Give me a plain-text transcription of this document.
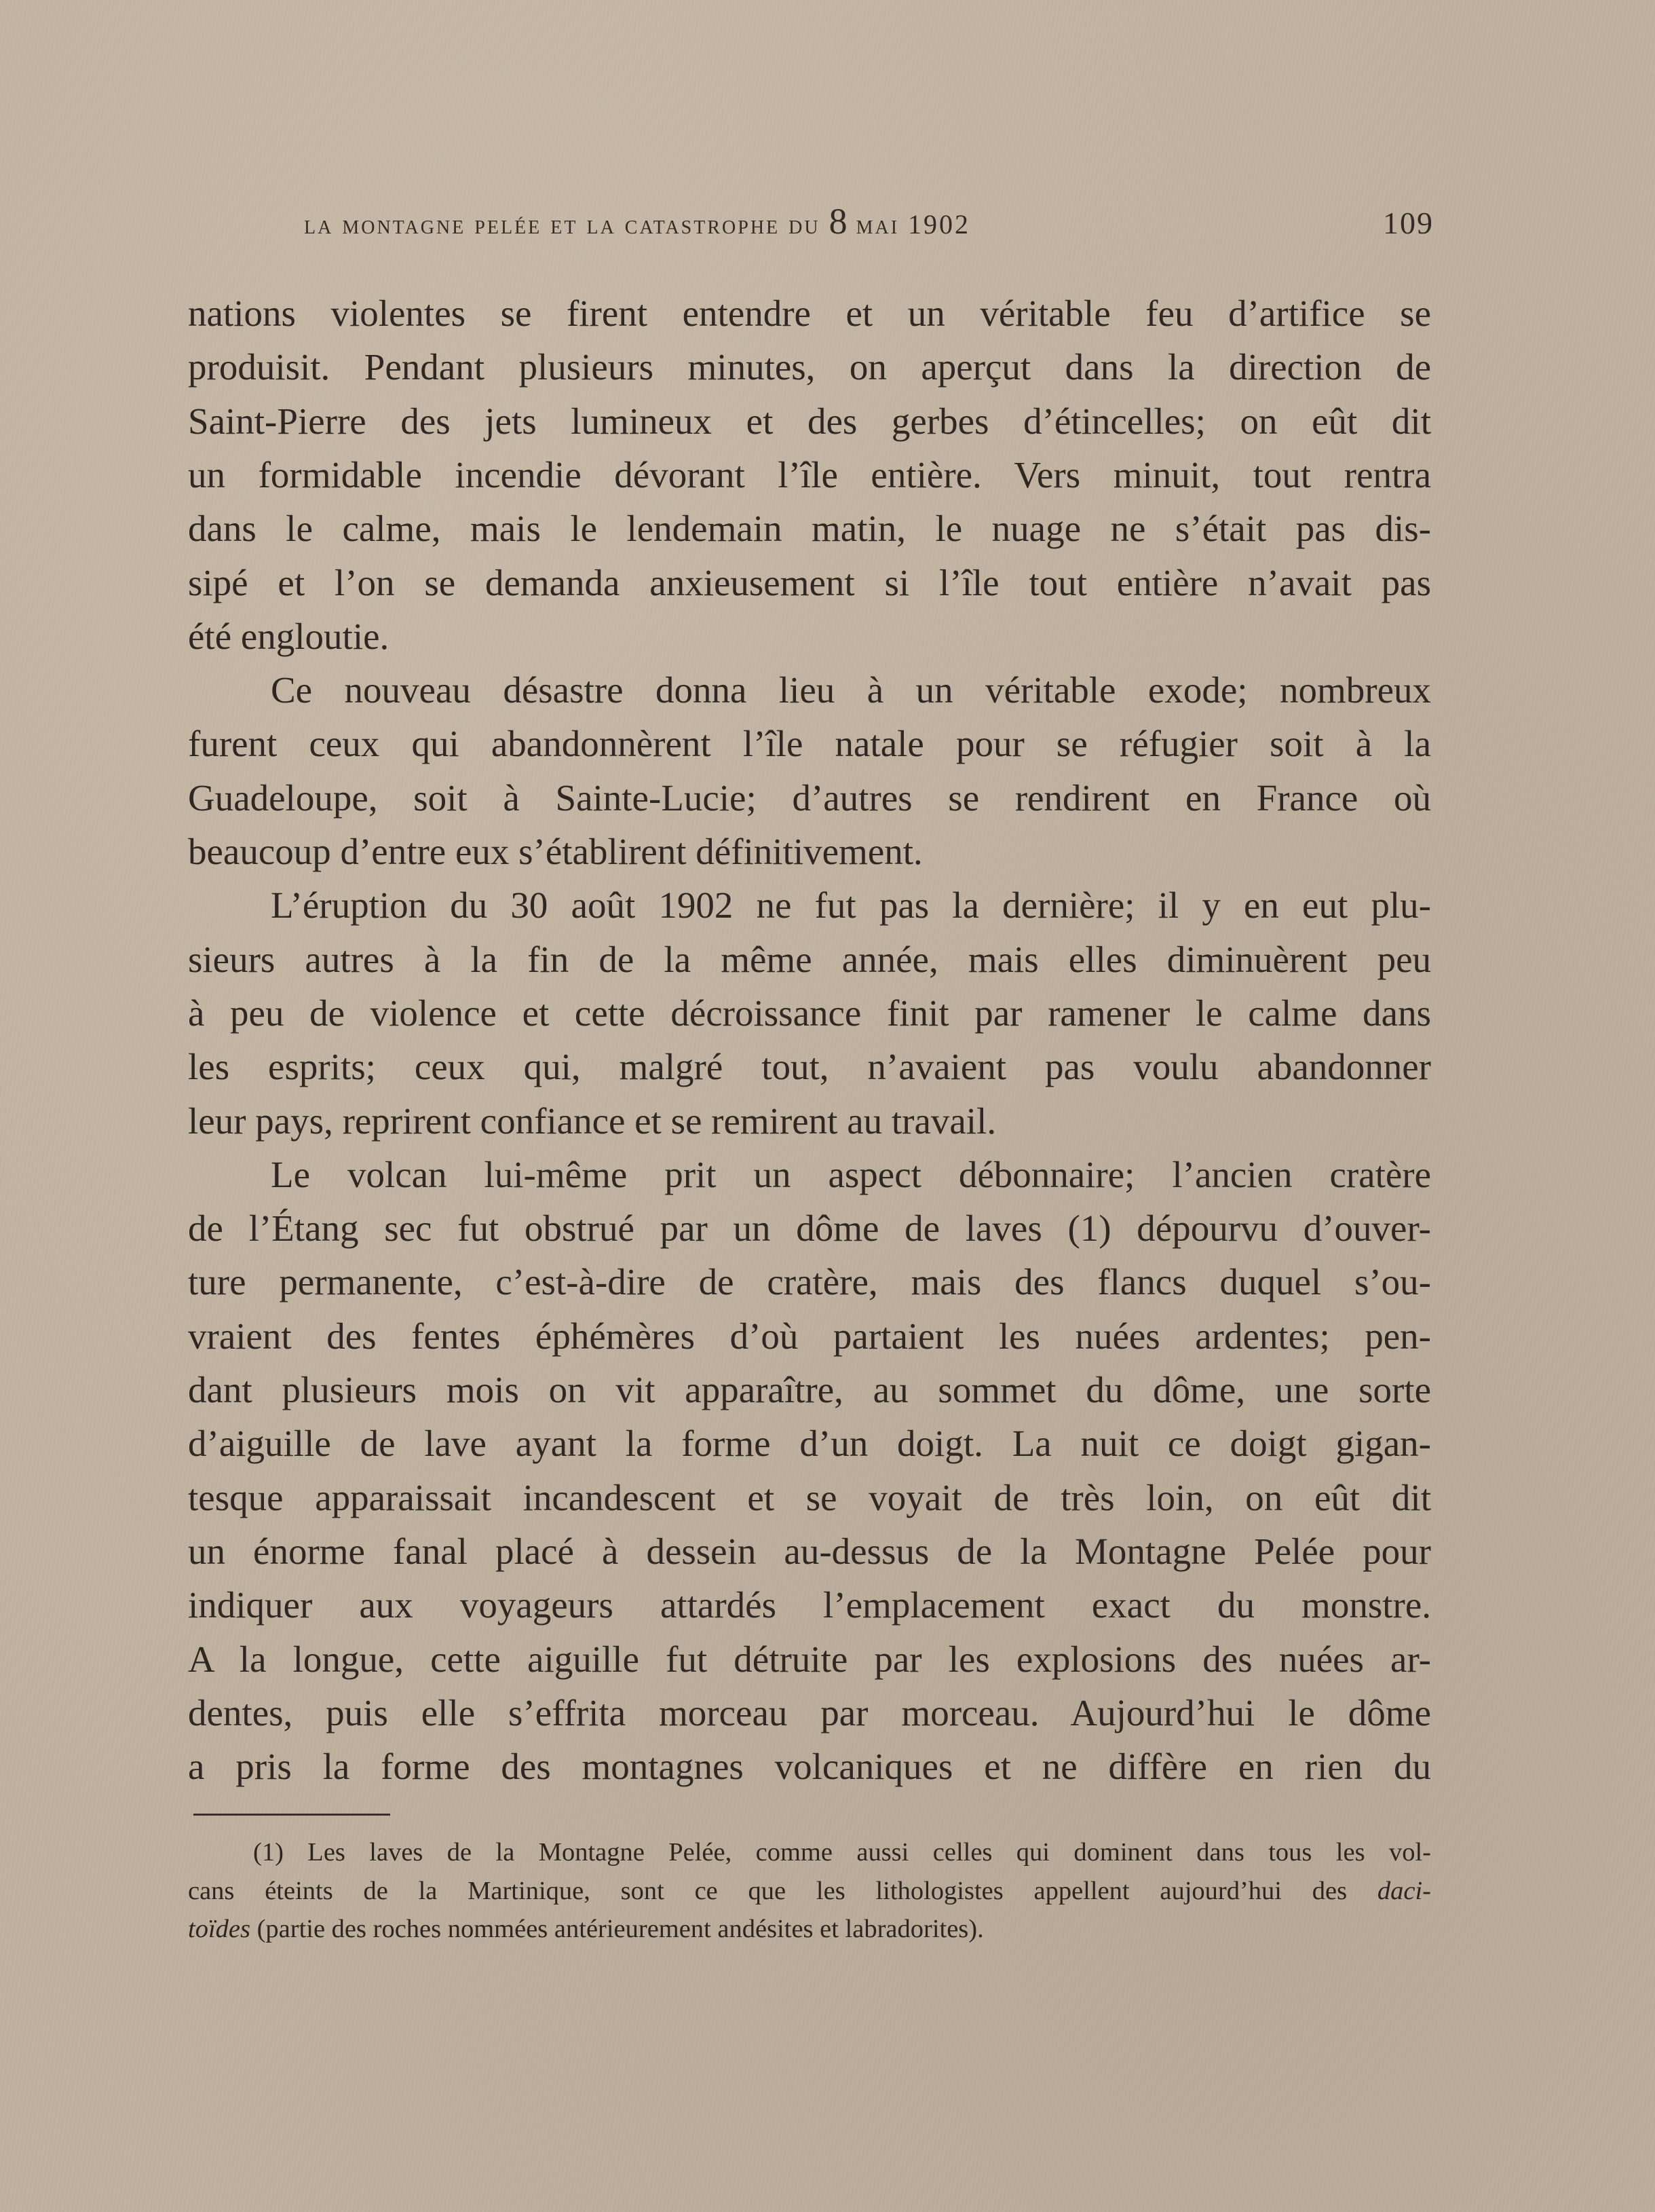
la montagne pelée et la catastrophe du 8 mai 1902	109
nations violentes se firent entendre et un véritable feu d’artifice se
produisit. Pendant plusieurs minutes, on aperçut dans la direction de
Saint-Pierre des jets lumineux et des gerbes d’étincelles; on eût dit
un formidable incendie dévorant l’île entière. Vers minuit, tout rentra
dans le calme, mais le lendemain matin, le nuage ne s’était pas dis-
sipé et l’on se demanda anxieusement si l’île tout entière n’avait pas
été engloutie.
Ce nouveau désastre donna lieu à un véritable exode; nombreux
furent ceux qui abandonnèrent l’île natale pour se réfugier soit à la
Guadeloupe, soit à Sainte-Lucie; d’autres se rendirent en France où
beaucoup d’entre eux s’établirent définitivement.
L’éruption du 30 août 1902 ne fut pas la dernière; il y en eut plu-
sieurs autres à la fin de la même année, mais elles diminuèrent peu
à peu de violence et cette décroissance finit par ramener le calme dans
les esprits; ceux qui, malgré tout, n’avaient pas voulu abandonner
leur pays, reprirent confiance et se remirent au travail.
Le volcan lui-même prit un aspect débonnaire; l’ancien cratère
de l’Étang sec fut obstrué par un dôme de laves (1) dépourvu d’ouver-
ture permanente, c’est-à-dire de cratère, mais des flancs duquel s’ou-
vraient des fentes éphémères d’où partaient les nuées ardentes; pen-
dant plusieurs mois on vit apparaître, au sommet du dôme, une sorte
d’aiguille de lave ayant la forme d’un doigt. La nuit ce doigt gigan-
tesque apparaissait incandescent et se voyait de très loin, on eût dit
un énorme fanal placé à dessein au-dessus de la Montagne Pelée pour
indiquer aux voyageurs attardés l’emplacement exact du monstre.
A la longue, cette aiguille fut détruite par les explosions des nuées ar-
dentes, puis elle s’effrita morceau par morceau. Aujourd’hui le dôme
a pris la forme des montagnes volcaniques et ne diffère en rien du
(1) Les laves de la Montagne Pelée, comme aussi celles qui dominent dans tous les vol-
cans éteints de la Martinique, sont ce que les lithologistes appellent aujourd’hui des daci-
toïdes (partie des roches nommées antérieurement andésites et labradorites).
